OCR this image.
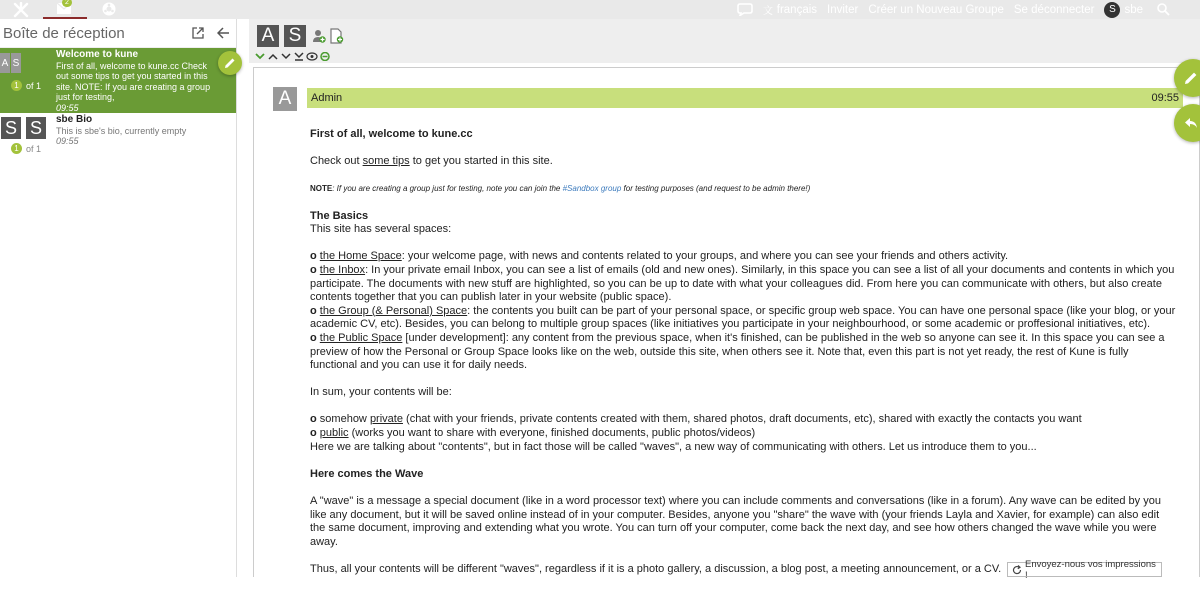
2
文 français Inviter Créer un Nouveau Groupe Se déconnecter	S sbe
Boîte de réception
A S
1 of 1
Welcome to kune
First of all, welcome to kune.cc Check out some tips to get you started in this site. NOTE: If you are creating a group just for testing,
09:55
S S
1 of 1
sbe Bio
This is sbe's bio, currently empty
09:55
A S
A	Admin	09:55

First of all, welcome to kune.cc

Check out some tips to get you started in this site.

NOTE: If you are creating a group just for testing, note you can join the #Sandbox group for testing purposes (and request to be admin there!)

The Basics

This site has several spaces:

o the Home Space: your welcome page, with news and contents related to your groups, and where you can see your friends and others activity.
o the Inbox: In your private email Inbox, you can see a list of emails (old and new ones). Similarly, in this space you can see a list of all your documents and contents in which you participate. The documents with new stuff are highlighted, so you can be up to date with what your colleagues did. From here you can communicate with others, but also create contents together that you can publish later in your website (public space).
o the Group (& Personal) Space: the contents you built can be part of your personal space, or specific group web space. You can have one personal space (like your blog, or your academic CV, etc). Besides, you can belong to multiple group spaces (like initiatives you participate in your neighbourhood, or some academic or proffesional initiatives, etc).
o the Public Space [under development]: any content from the previous space, when it's finished, can be published in the web so anyone can see it. In this space you can see a preview of how the Personal or Group Space looks like on the web, outside this site, when others see it. Note that, even this part is not yet ready, the rest of Kune is fully functional and you can use it for daily needs.

In sum, your contents will be:

o somehow private (chat with your friends, private contents created with them, shared photos, draft documents, etc), shared with exactly the contacts you want
o public (works you want to share with everyone, finished documents, public photos/videos)
Here we are talking about "contents", but in fact those will be called "waves", a new way of communicating with others. Let us introduce them to you...

Here comes the Wave

A "wave" is a message a special document (like in a word processor text) where you can include comments and conversations (like in a forum). Any wave can be edited by you like any document, but it will be saved online instead of in your computer. Besides, anyone you "share" the wave with (your friends Layla and Xavier, for example) can also edit the same document, improving and extending what you wrote. You can turn off your computer, come back the next day, and see how others changed the wave while you were away.

Thus, all your contents will be different "waves", regardless if it is a photo gallery, a discussion, a blog post, a meeting announcement, or a CV.	Envoyez-nous vos impressions !
